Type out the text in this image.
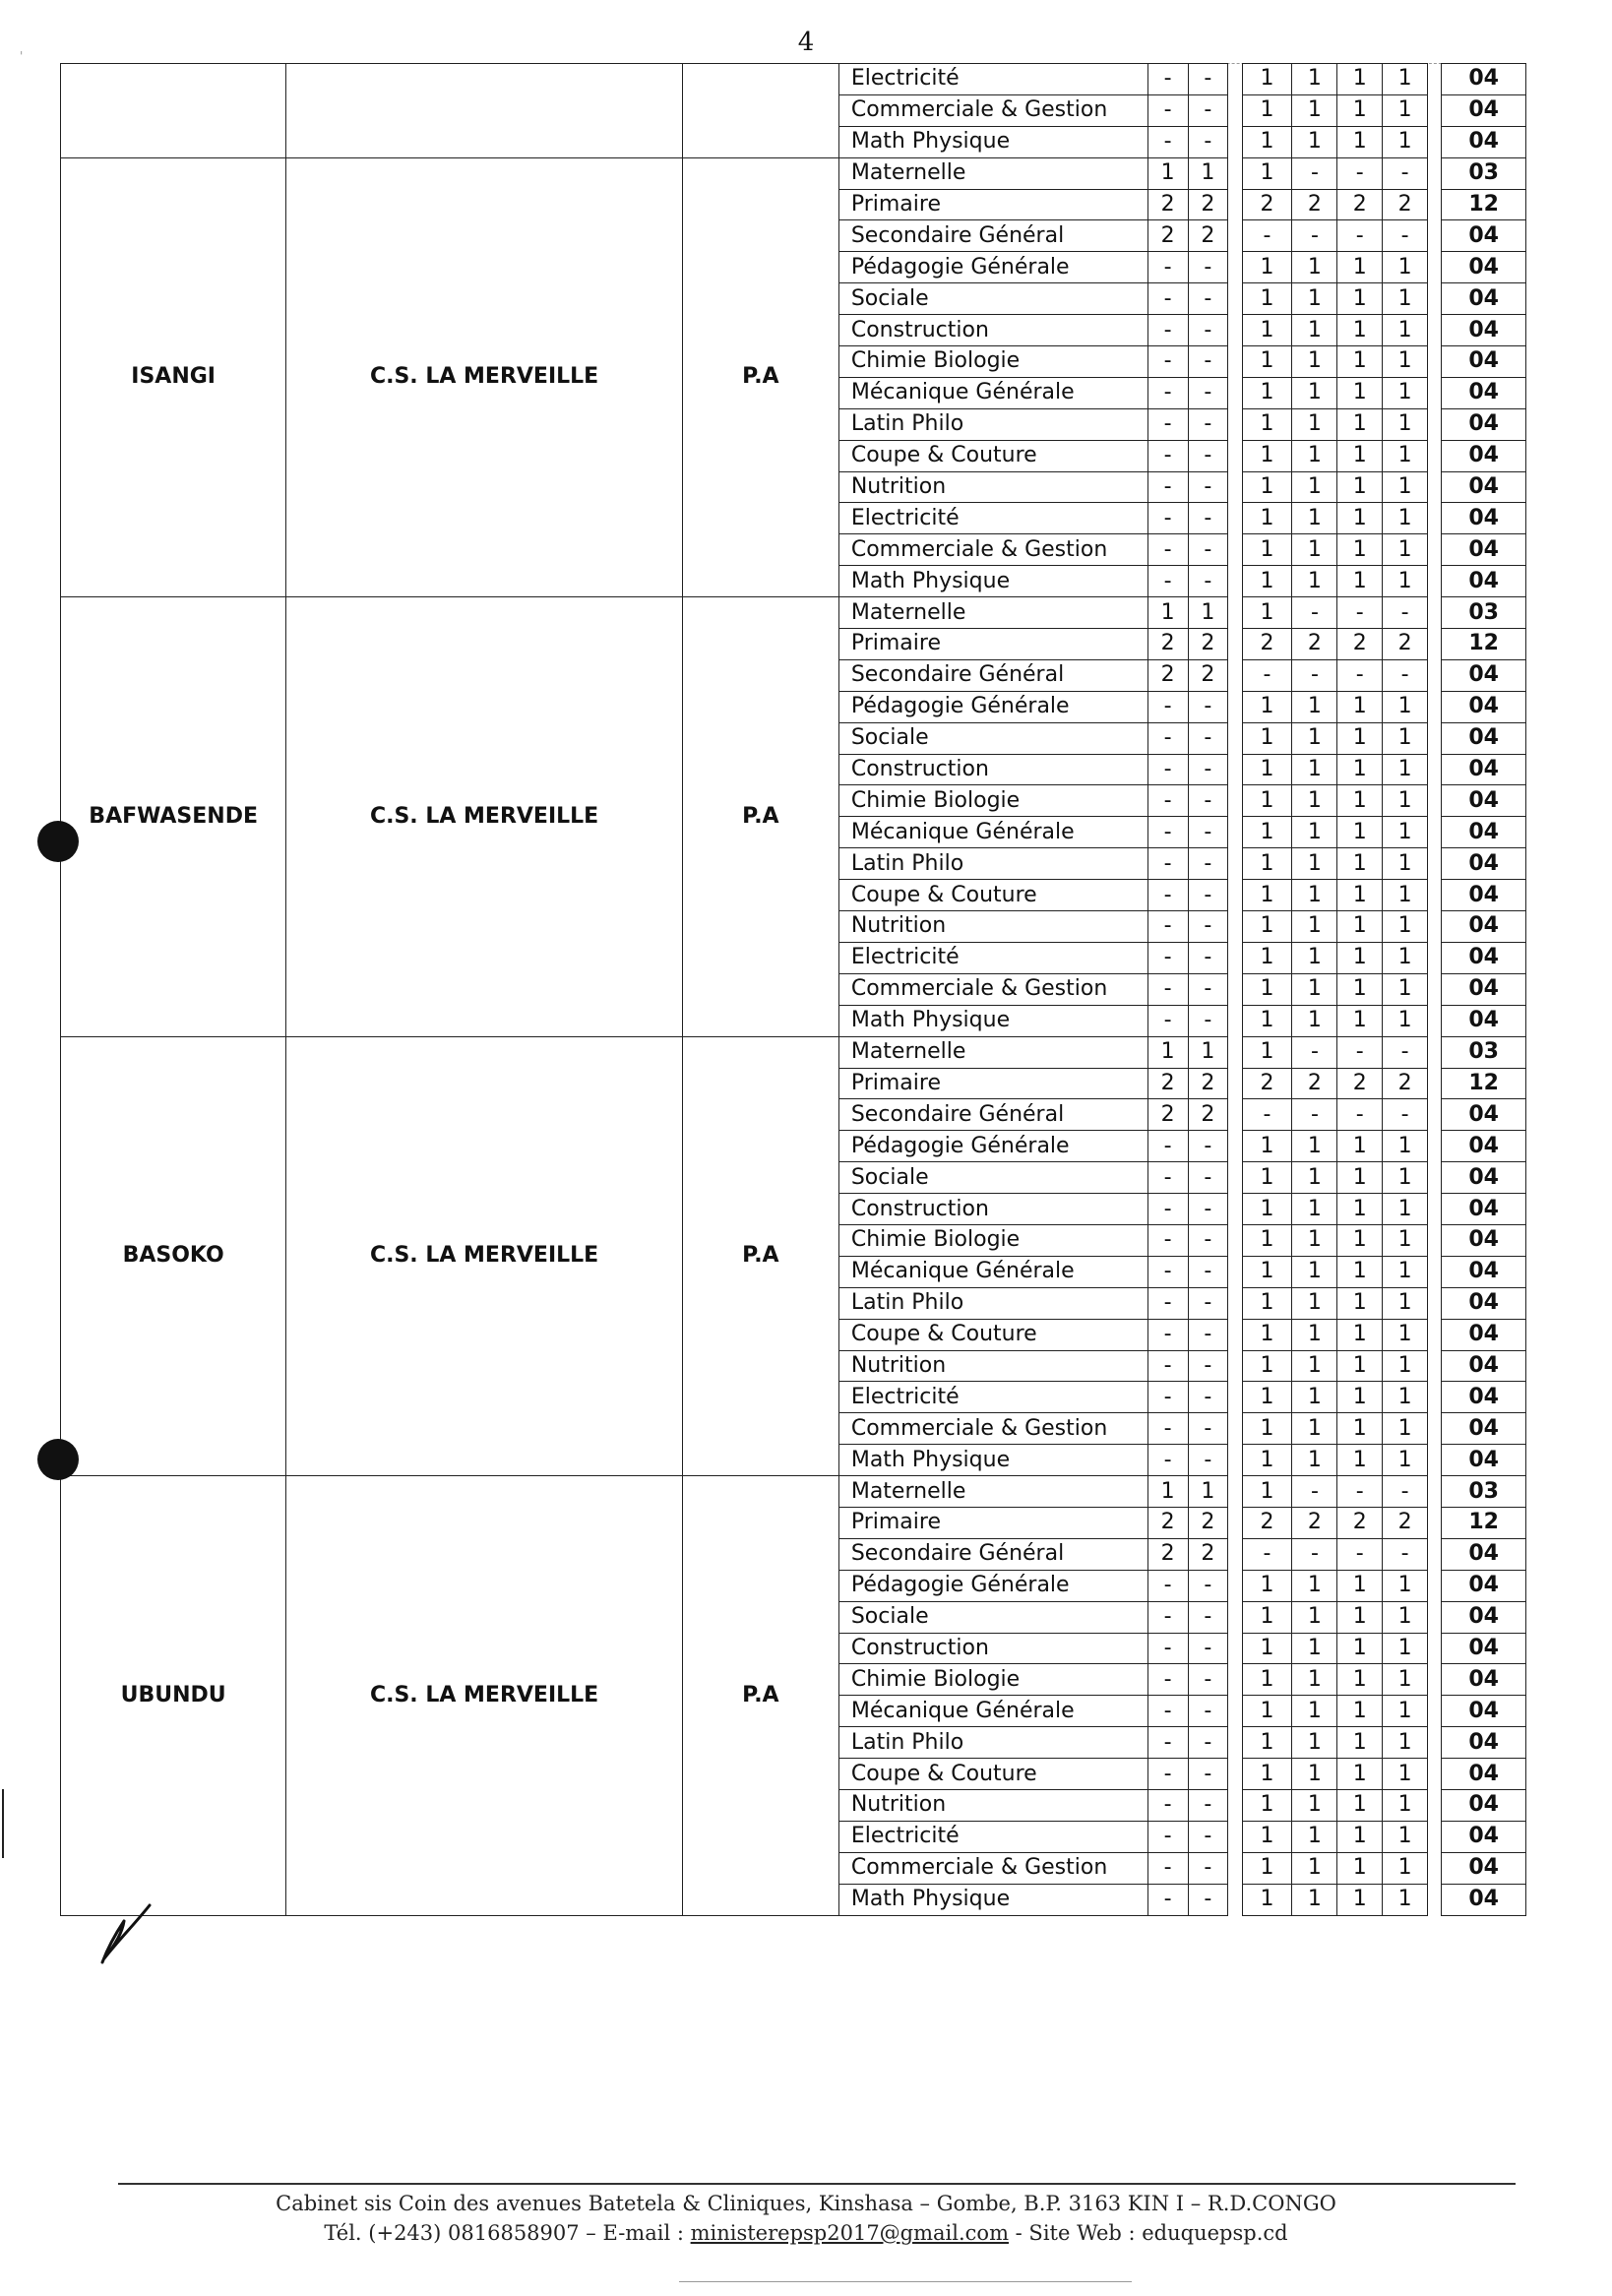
4
'
			Electricité	-	-		1	1	1	1		04
			Commerciale & Gestion	-	-		1	1	1	1		04
			Math Physique	-	-		1	1	1	1		04
ISANGI	C.S. LA MERVEILLE	P.A	Maternelle	1	1		1	-	-	-		03
			Primaire	2	2		2	2	2	2		12
			Secondaire Général	2	2		-	-	-	-		04
			Pédagogie Générale	-	-		1	1	1	1		04
			Sociale	-	-		1	1	1	1		04
			Construction	-	-		1	1	1	1		04
			Chimie Biologie	-	-		1	1	1	1		04
			Mécanique Générale	-	-		1	1	1	1		04
			Latin Philo	-	-		1	1	1	1		04
			Coupe & Couture	-	-		1	1	1	1		04
			Nutrition	-	-		1	1	1	1		04
			Electricité	-	-		1	1	1	1		04
			Commerciale & Gestion	-	-		1	1	1	1		04
			Math Physique	-	-		1	1	1	1		04
BAFWASENDE	C.S. LA MERVEILLE	P.A	Maternelle	1	1		1	-	-	-		03
			Primaire	2	2		2	2	2	2		12
			Secondaire Général	2	2		-	-	-	-		04
			Pédagogie Générale	-	-		1	1	1	1		04
			Sociale	-	-		1	1	1	1		04
			Construction	-	-		1	1	1	1		04
			Chimie Biologie	-	-		1	1	1	1		04
			Mécanique Générale	-	-		1	1	1	1		04
			Latin Philo	-	-		1	1	1	1		04
			Coupe & Couture	-	-		1	1	1	1		04
			Nutrition	-	-		1	1	1	1		04
			Electricité	-	-		1	1	1	1		04
			Commerciale & Gestion	-	-		1	1	1	1		04
			Math Physique	-	-		1	1	1	1		04
BASOKO	C.S. LA MERVEILLE	P.A	Maternelle	1	1		1	-	-	-		03
			Primaire	2	2		2	2	2	2		12
			Secondaire Général	2	2		-	-	-	-		04
			Pédagogie Générale	-	-		1	1	1	1		04
			Sociale	-	-		1	1	1	1		04
			Construction	-	-		1	1	1	1		04
			Chimie Biologie	-	-		1	1	1	1		04
			Mécanique Générale	-	-		1	1	1	1		04
			Latin Philo	-	-		1	1	1	1		04
			Coupe & Couture	-	-		1	1	1	1		04
			Nutrition	-	-		1	1	1	1		04
			Electricité	-	-		1	1	1	1		04
			Commerciale & Gestion	-	-		1	1	1	1		04
			Math Physique	-	-		1	1	1	1		04
UBUNDU	C.S. LA MERVEILLE	P.A	Maternelle	1	1		1	-	-	-		03
			Primaire	2	2		2	2	2	2		12
			Secondaire Général	2	2		-	-	-	-		04
			Pédagogie Générale	-	-		1	1	1	1		04
			Sociale	-	-		1	1	1	1		04
			Construction	-	-		1	1	1	1		04
			Chimie Biologie	-	-		1	1	1	1		04
			Mécanique Générale	-	-		1	1	1	1		04
			Latin Philo	-	-		1	1	1	1		04
			Coupe & Couture	-	-		1	1	1	1		04
			Nutrition	-	-		1	1	1	1		04
			Electricité	-	-		1	1	1	1		04
			Commerciale & Gestion	-	-		1	1	1	1		04
			Math Physique	-	-		1	1	1	1		04
Cabinet sis Coin des avenues Batetela & Cliniques, Kinshasa – Gombe, B.P. 3163 KIN I – R.D.CONGO
Tél. (+243) 0816858907 – E-mail : ministerepsp2017@gmail.com - Site Web : eduquepsp.cd
